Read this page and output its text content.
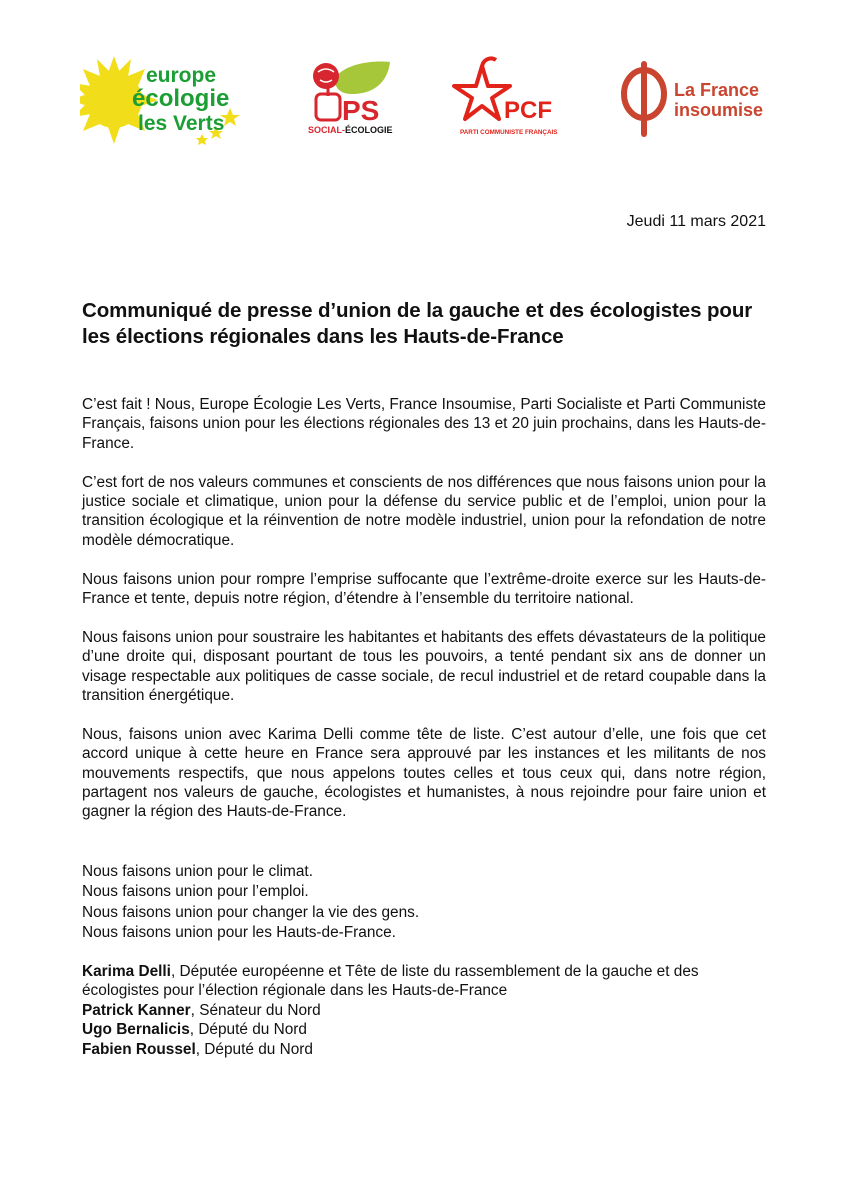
europe
écologie
les Verts	PS
SOCIAL-ÉCOLOGIE
PCF
PARTI COMMUNISTE FRANÇAIS
La France
insoumise
Jeudi 11 mars 2021
Communiqué de presse d’union de la gauche et des écologistes pour les élections régionales dans les Hauts-de-France

C’est fait ! Nous, Europe Écologie Les Verts, France Insoumise, Parti Socialiste et Parti Communiste Français, faisons union pour les élections régionales des 13 et 20 juin prochains, dans les Hauts-de-France.

C’est fort de nos valeurs communes et conscients de nos différences que nous faisons union pour la justice sociale et climatique, union pour la défense du service public et de l’emploi, union pour la transition écologique et la réinvention de notre modèle industriel, union pour la refondation de notre modèle démocratique.

Nous faisons union pour rompre l’emprise suffocante que l’extrême-droite exerce sur les Hauts-de-France et tente, depuis notre région, d’étendre à l’ensemble du territoire national.

Nous faisons union pour soustraire les habitantes et habitants des effets dévastateurs de la politique d’une droite qui, disposant pourtant de tous les pouvoirs, a tenté pendant six ans de donner un visage respectable aux politiques de casse sociale, de recul industriel et de retard coupable dans la transition énergétique.

Nous, faisons union avec Karima Delli comme tête de liste. C’est autour d’elle, une fois que cet accord unique à cette heure en France sera approuvé par les instances et les militants de nos mouvements respectifs, que nous appelons toutes celles et tous ceux qui, dans notre région, partagent nos valeurs de gauche, écologistes et humanistes, à nous rejoindre pour faire union et gagner la région des Hauts-de-France.

Nous faisons union pour le climat.
Nous faisons union pour l’emploi.
Nous faisons union pour changer la vie des gens.
Nous faisons union pour les Hauts-de-France.
Karima Delli, Députée européenne et Tête de liste du rassemblement de la gauche et des écologistes pour l’élection régionale dans les Hauts-de-France
Patrick Kanner, Sénateur du Nord
Ugo Bernalicis, Député du Nord
Fabien Roussel, Député du Nord
